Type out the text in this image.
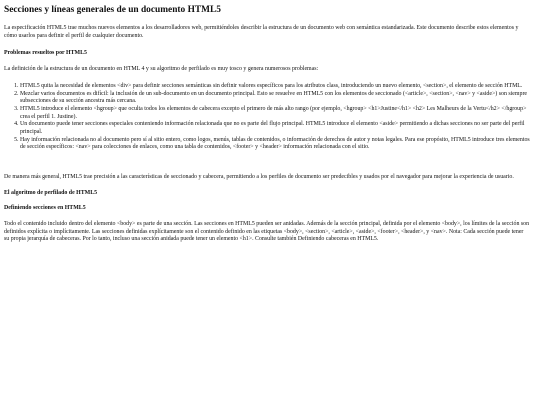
Secciones y líneas generales de un documento HTML5

La especificación HTML5 trae muchos nuevos elementos a los desarrolladores web, permitiéndoles describir la estructura de un documento web con semántica estandarizada. Este documento describe estos elementos y cómo usarlos para definir el perfil de cualquier documento.

Problemas resueltos por HTML5

La definición de la estructura de un documento en HTML 4 y su algoritmo de perfilado es muy tosco y genera numerosos problemas:

1. HTML5 quita la necesidad de elementos <div> para definir secciones semánticas sin definir valores específicos para los atributos class, introduciendo un nuevo elemento, <section>, el elemento de sección HTML.
2. Mezclar varios documentos es difícil: la inclusión de un sub-documento en un documento principal. Esto se resuelve en HTML5 con los elementos de seccionado (<article>, <section>, <nav> y <aside>) son siempre subsecciones de su sección ancestra más cercana.
3. HTML5 introduce el elemento <hgroup> que oculta todos los elementos de cabecera excepto el primero de más alto rango (por ejemplo, <hgroup> <h1>Justine</h1> <h2> Les Malheurs de la Vertu</h2> </hgroup> crea el perfil 1. Justine).
4. Un documento puede tener secciones especiales conteniendo información relacionada que no es parte del flujo principal. HTML5 introduce el elemento <aside> permitiendo a dichas secciones no ser parte del perfil principal.
5. Hay información relacionada no al documento pero sí al sitio entero, como logos, menús, tablas de contenidos, o información de derechos de autor y notas legales. Para ese propósito, HTML5 introduce tres elementos de sección específicos: <nav> para colecciones de enlaces, como una tabla de contenidos, <footer> y <header> información relacionada con el sitio.

De manera más general, HTML5 trae precisión a las características de seccionado y cabecera, permitiendo a los perfiles de documento ser predecibles y usados por el navegador para mejorar la experiencia de usuario.

El algoritmo de perfilado de HTML5
Definiendo secciones en HTML5

Todo el contenido incluido dentro del elemento <body> es parte de una sección. Las secciones en HTML5 pueden ser anidadas. Además de la sección principal, definida por el elemento <body>, los límites de la sección son definidos explícita o implícitamente. Las secciones definidas explícitamente son el contenido definido en las etiquetas <body>, <section>, <article>, <aside>, <footer>, <header>, y <nav>. Nota: Cada sección puede tener su propia jerarquía de cabeceras. Por lo tanto, incluso una sección anidada puede tener un elemento <h1>. Consulte también Definiendo cabeceras en HTML5.
